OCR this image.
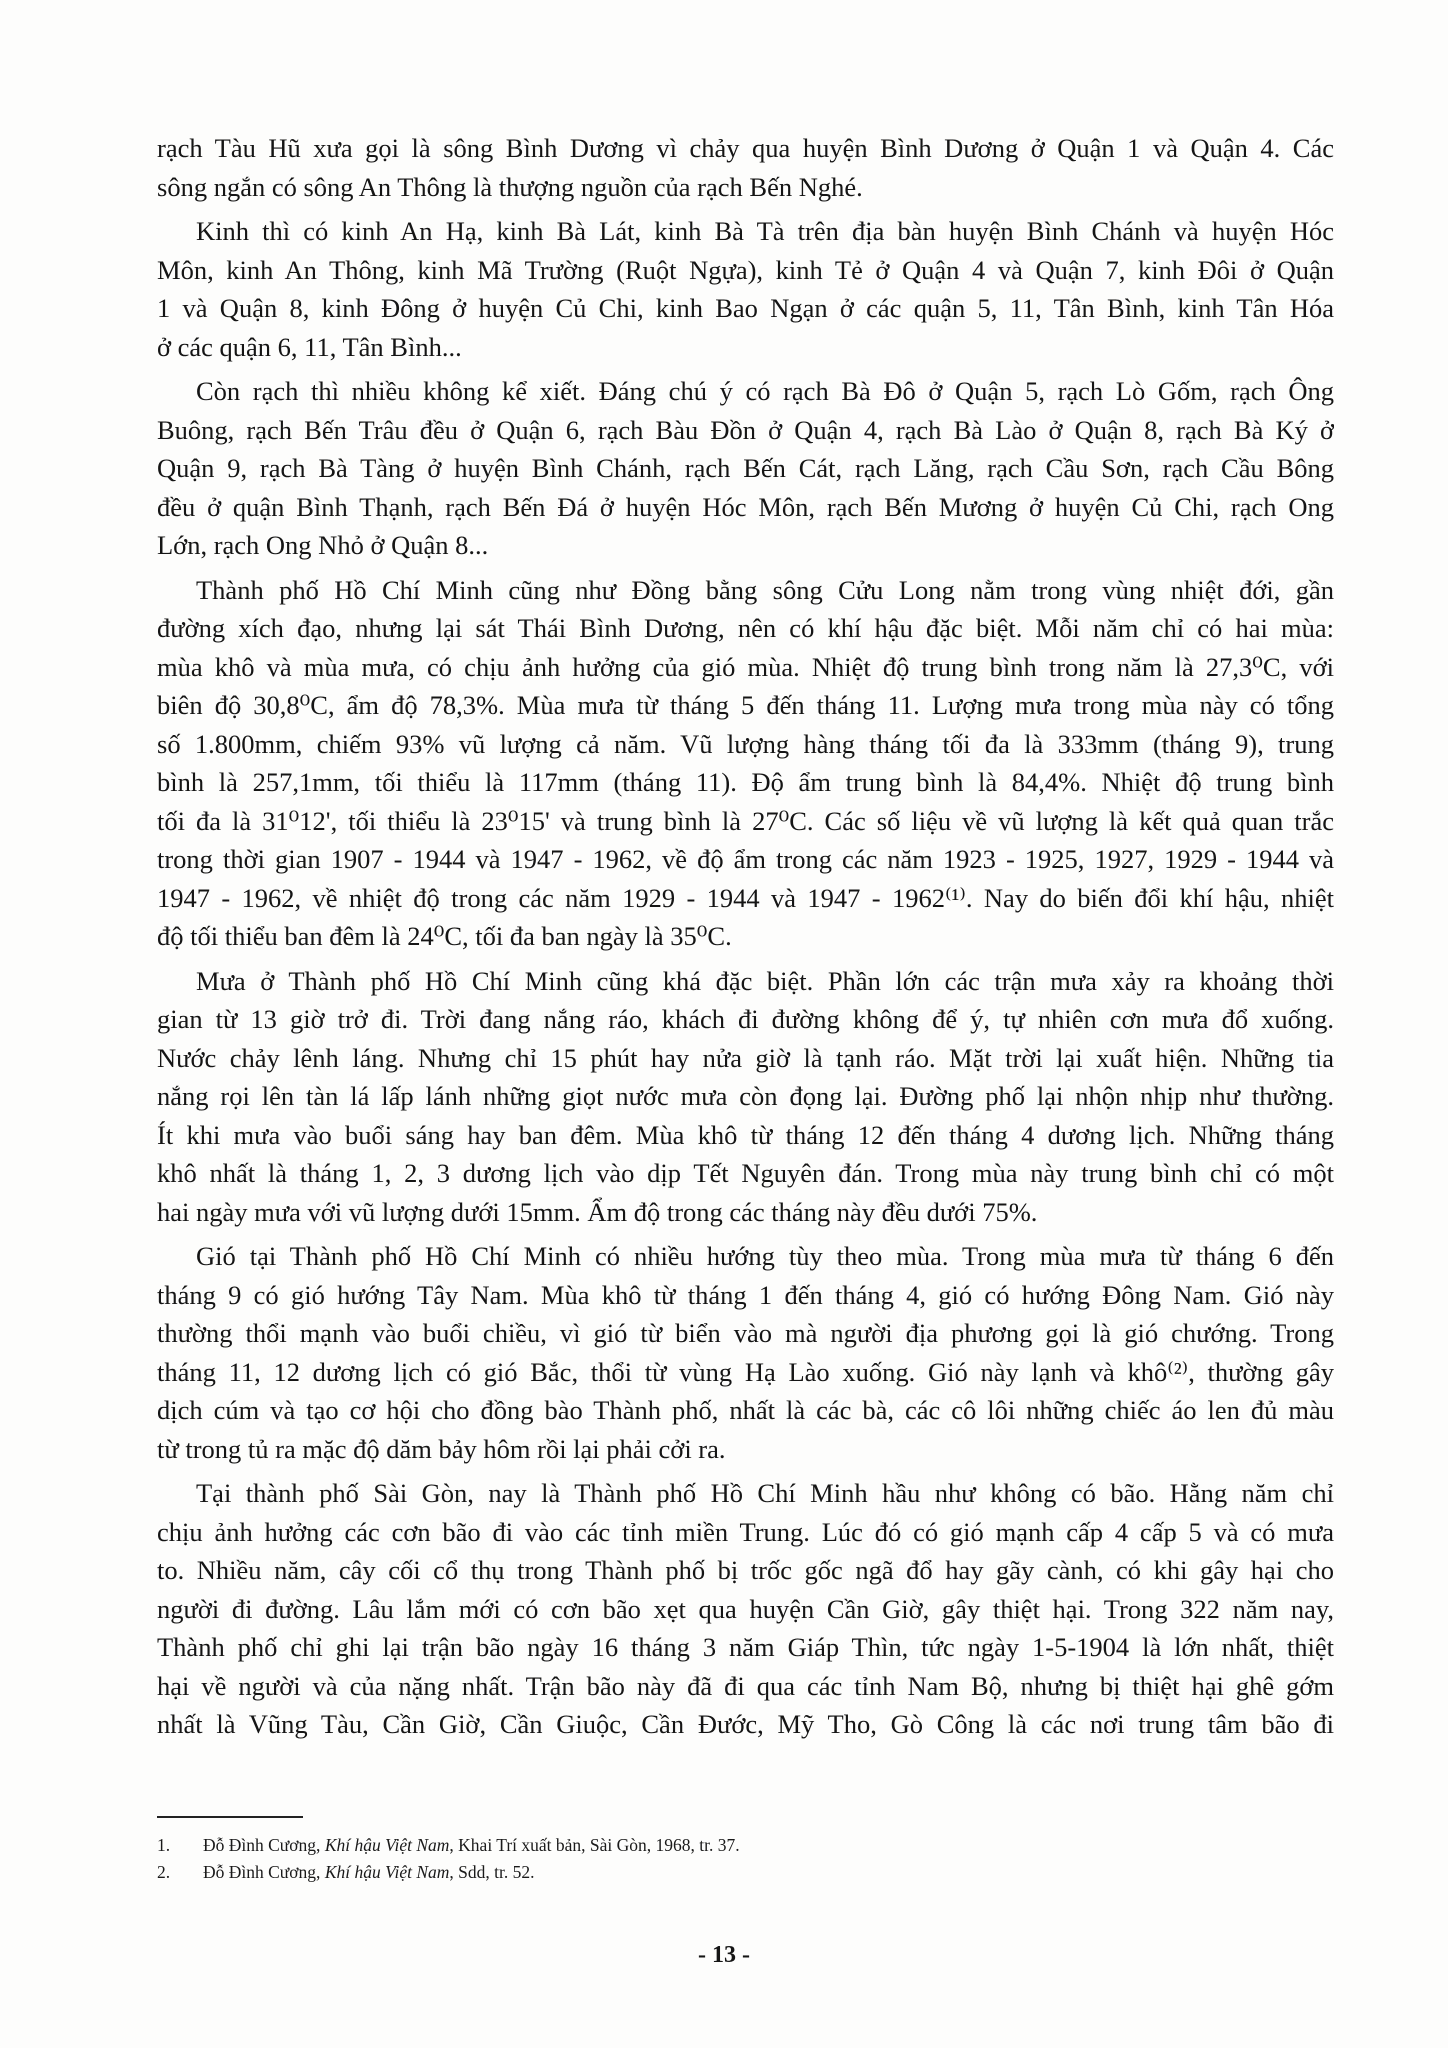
rạch Tàu Hũ xưa gọi là sông Bình Dương vì chảy qua huyện Bình Dương ở Quận 1 và Quận 4. Các
sông ngắn có sông An Thông là thượng nguồn của rạch Bến Nghé.
Kinh thì có kinh An Hạ, kinh Bà Lát, kinh Bà Tà trên địa bàn huyện Bình Chánh và huyện Hóc
Môn, kinh An Thông, kinh Mã Trường (Ruột Ngựa), kinh Tẻ ở Quận 4 và Quận 7, kinh Đôi ở Quận
1 và Quận 8, kinh Đông ở huyện Củ Chi, kinh Bao Ngạn ở các quận 5, 11, Tân Bình, kinh Tân Hóa
ở các quận 6, 11, Tân Bình...
Còn rạch thì nhiều không kể xiết. Đáng chú ý có rạch Bà Đô ở Quận 5, rạch Lò Gốm, rạch Ông
Buông, rạch Bến Trâu đều ở Quận 6, rạch Bàu Đồn ở Quận 4, rạch Bà Lào ở Quận 8, rạch Bà Ký ở
Quận 9, rạch Bà Tàng ở huyện Bình Chánh, rạch Bến Cát, rạch Lăng, rạch Cầu Sơn, rạch Cầu Bông
đều ở quận Bình Thạnh, rạch Bến Đá ở huyện Hóc Môn, rạch Bến Mương ở huyện Củ Chi, rạch Ong
Lớn, rạch Ong Nhỏ ở Quận 8...
Thành phố Hồ Chí Minh cũng như Đồng bằng sông Cửu Long nằm trong vùng nhiệt đới, gần
đường xích đạo, nhưng lại sát Thái Bình Dương, nên có khí hậu đặc biệt. Mỗi năm chỉ có hai mùa:
mùa khô và mùa mưa, có chịu ảnh hưởng của gió mùa. Nhiệt độ trung bình trong năm là 27,3⁰C, với
biên độ 30,8⁰C, ẩm độ 78,3%. Mùa mưa từ tháng 5 đến tháng 11. Lượng mưa trong mùa này có tổng
số 1.800mm, chiếm 93% vũ lượng cả năm. Vũ lượng hàng tháng tối đa là 333mm (tháng 9), trung
bình là 257,1mm, tối thiểu là 117mm (tháng 11). Độ ẩm trung bình là 84,4%. Nhiệt độ trung bình
tối đa là 31⁰12', tối thiểu là 23⁰15' và trung bình là 27⁰C. Các số liệu về vũ lượng là kết quả quan trắc
trong thời gian 1907 - 1944 và 1947 - 1962, về độ ẩm trong các năm 1923 - 1925, 1927, 1929 - 1944 và
1947 - 1962, về nhiệt độ trong các năm 1929 - 1944 và 1947 - 1962⁽¹⁾. Nay do biến đổi khí hậu, nhiệt
độ tối thiểu ban đêm là 24⁰C, tối đa ban ngày là 35⁰C.
Mưa ở Thành phố Hồ Chí Minh cũng khá đặc biệt. Phần lớn các trận mưa xảy ra khoảng thời
gian từ 13 giờ trở đi. Trời đang nắng ráo, khách đi đường không để ý, tự nhiên cơn mưa đổ xuống.
Nước chảy lênh láng. Nhưng chỉ 15 phút hay nửa giờ là tạnh ráo. Mặt trời lại xuất hiện. Những tia
nắng rọi lên tàn lá lấp lánh những giọt nước mưa còn đọng lại. Đường phố lại nhộn nhịp như thường.
Ít khi mưa vào buổi sáng hay ban đêm. Mùa khô từ tháng 12 đến tháng 4 dương lịch. Những tháng
khô nhất là tháng 1, 2, 3 dương lịch vào dịp Tết Nguyên đán. Trong mùa này trung bình chỉ có một
hai ngày mưa với vũ lượng dưới 15mm. Ẩm độ trong các tháng này đều dưới 75%.
Gió tại Thành phố Hồ Chí Minh có nhiều hướng tùy theo mùa. Trong mùa mưa từ tháng 6 đến
tháng 9 có gió hướng Tây Nam. Mùa khô từ tháng 1 đến tháng 4, gió có hướng Đông Nam. Gió này
thường thổi mạnh vào buổi chiều, vì gió từ biển vào mà người địa phương gọi là gió chướng. Trong
tháng 11, 12 dương lịch có gió Bắc, thổi từ vùng Hạ Lào xuống. Gió này lạnh và khô⁽²⁾, thường gây
dịch cúm và tạo cơ hội cho đồng bào Thành phố, nhất là các bà, các cô lôi những chiếc áo len đủ màu
từ trong tủ ra mặc độ dăm bảy hôm rồi lại phải cởi ra.
Tại thành phố Sài Gòn, nay là Thành phố Hồ Chí Minh hầu như không có bão. Hằng năm chỉ
chịu ảnh hưởng các cơn bão đi vào các tỉnh miền Trung. Lúc đó có gió mạnh cấp 4 cấp 5 và có mưa
to. Nhiều năm, cây cối cổ thụ trong Thành phố bị trốc gốc ngã đổ hay gãy cành, có khi gây hại cho
người đi đường. Lâu lắm mới có cơn bão xẹt qua huyện Cần Giờ, gây thiệt hại. Trong 322 năm nay,
Thành phố chỉ ghi lại trận bão ngày 16 tháng 3 năm Giáp Thìn, tức ngày 1-5-1904 là lớn nhất, thiệt
hại về người và của nặng nhất. Trận bão này đã đi qua các tỉnh Nam Bộ, nhưng bị thiệt hại ghê gớm
nhất là Vũng Tàu, Cần Giờ, Cần Giuộc, Cần Đước, Mỹ Tho, Gò Công là các nơi trung tâm bão đi
1. Đỗ Đình Cương, Khí hậu Việt Nam, Khai Trí xuất bản, Sài Gòn, 1968, tr. 37.
2. Đỗ Đình Cương, Khí hậu Việt Nam, Sdd, tr. 52.
- 13 -
